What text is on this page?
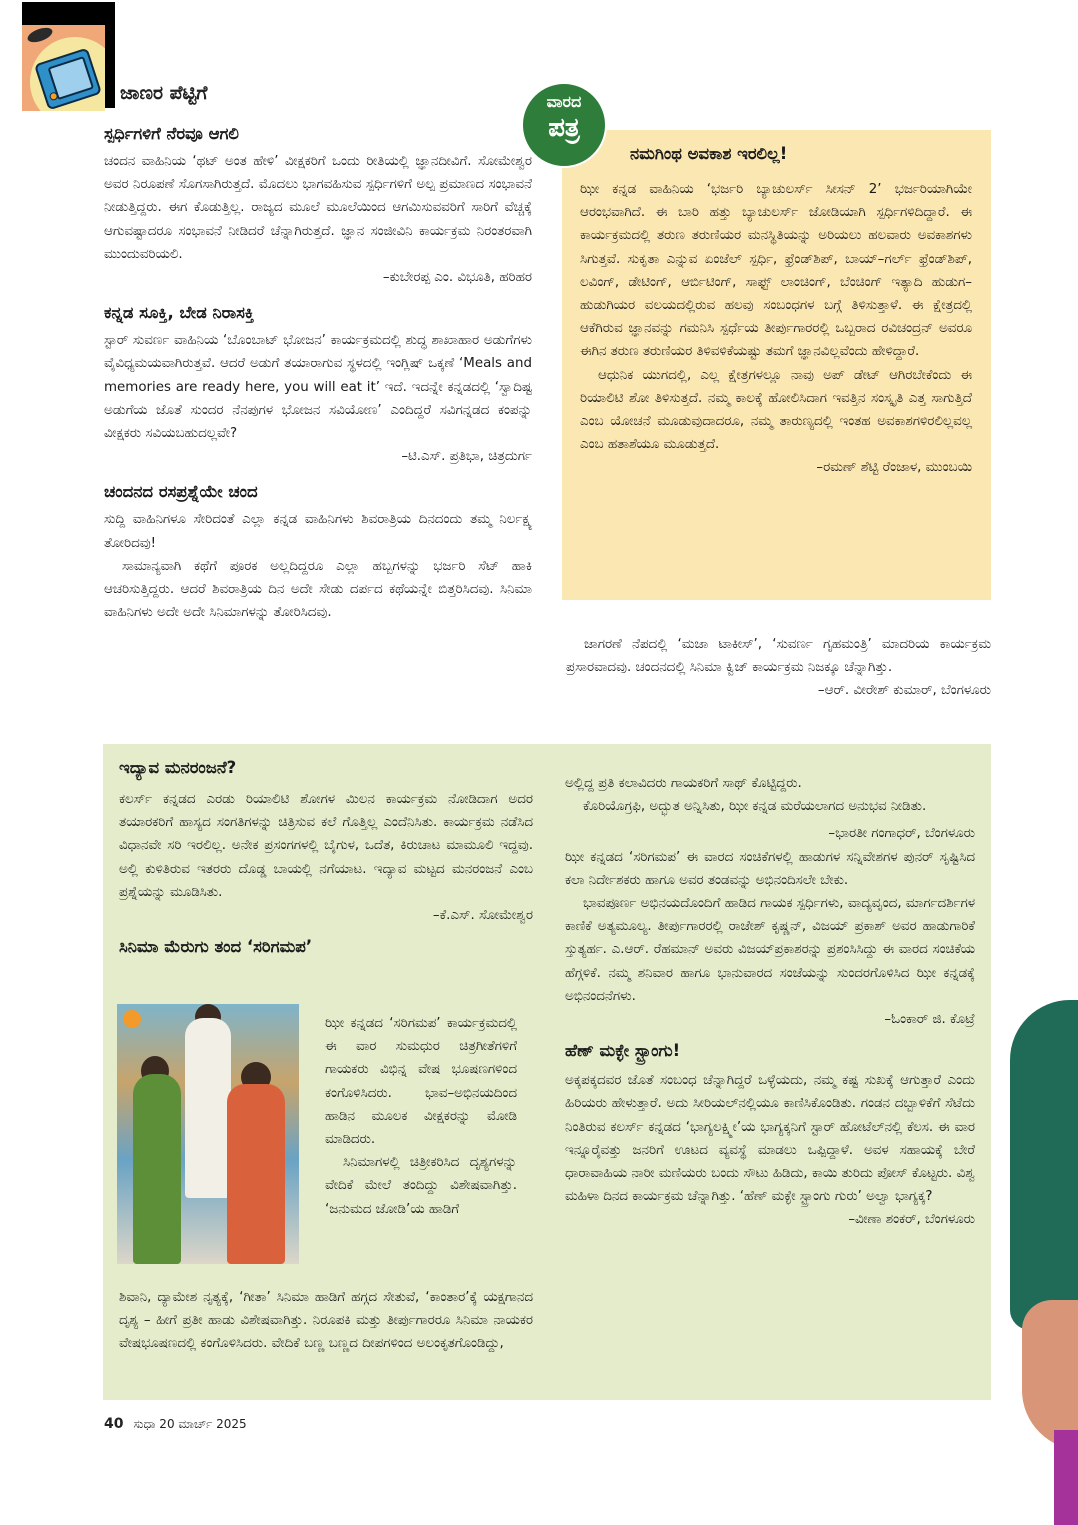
ಜಾಣರ ಪೆಟ್ಟಿಗೆ
ಸ್ಪರ್ಧಿಗಳಿಗೆ ನೆರವೂ ಆಗಲಿ

ಚಂದನ ವಾಹಿನಿಯ ‘ಥಟ್ ಅಂತ ಹೇಳಿ’ ವೀಕ್ಷಕರಿಗೆ ಒಂದು ರೀತಿಯಲ್ಲಿ ಜ್ಞಾನದೀವಿಗೆ. ಸೋಮೇಶ್ವರ ಅವರ ನಿರೂಪಣೆ ಸೊಗಸಾಗಿರುತ್ತದೆ. ಮೊದಲು ಭಾಗವಹಿಸುವ ಸ್ಪರ್ಧಿಗಳಿಗೆ ಅಲ್ಪ ಪ್ರಮಾಣದ ಸಂಭಾವನೆ ನೀಡುತ್ತಿದ್ದರು. ಈಗ ಕೊಡುತ್ತಿಲ್ಲ. ರಾಜ್ಯದ ಮೂಲೆ ಮೂಲೆಯಿಂದ ಆಗಮಿಸುವವರಿಗೆ ಸಾರಿಗೆ ವೆಚ್ಚಕ್ಕೆ ಆಗುವಷ್ಟಾದರೂ ಸಂಭಾವನೆ ನೀಡಿದರೆ ಚೆನ್ನಾಗಿರುತ್ತದೆ. ಜ್ಞಾನ ಸಂಜೀವಿನಿ ಕಾರ್ಯಕ್ರಮ ನಿರಂತರವಾಗಿ ಮುಂದುವರಿಯಲಿ.

–ಕುಬೇರಪ್ಪ ಎಂ. ವಿಭೂತಿ, ಹರಿಹರ
ಕನ್ನಡ ಸೂಕ್ತಿ, ಬೇಡ ನಿರಾಸಕ್ತಿ

ಸ್ಟಾರ್ ಸುವರ್ಣ ವಾಹಿನಿಯ ‘ಬೊಂಬಾಟ್ ಭೋಜನ’ ಕಾರ್ಯಕ್ರಮದಲ್ಲಿ ಶುದ್ಧ ಶಾಖಾಹಾರ ಅಡುಗೆಗಳು ವೈವಿಧ್ಯಮಯವಾಗಿರುತ್ತವೆ. ಆದರೆ ಅಡುಗೆ ತಯಾರಾಗುವ ಸ್ಥಳದಲ್ಲಿ ಇಂಗ್ಲಿಷ್ ಒಕ್ಕಣೆ ‘Meals and memories are ready here, you will eat it’ ಇದೆ. ಇದನ್ನೇ ಕನ್ನಡದಲ್ಲಿ ‘ಸ್ವಾದಿಷ್ಟ ಅಡುಗೆಯ ಜೊತೆ ಸುಂದರ ನೆನಪುಗಳ ಭೋಜನ ಸವಿಯೋಣ’ ಎಂದಿದ್ದರೆ ಸವಿಗನ್ನಡದ ಕಂಪನ್ನು ವೀಕ್ಷಕರು ಸವಿಯಬಹುದಲ್ಲವೇ?

–ಟಿ.ಎಸ್. ಪ್ರತಿಭಾ, ಚಿತ್ರದುರ್ಗ
ಚಂದನದ ರಸಪ್ರಶ್ನೆಯೇ ಚಂದ

ಸುದ್ದಿ ವಾಹಿನಿಗಳೂ ಸೇರಿದಂತೆ ಎಲ್ಲಾ ಕನ್ನಡ ವಾಹಿನಿಗಳು ಶಿವರಾತ್ರಿಯ ದಿನದಂದು ತಮ್ಮ ನಿರ್ಲಕ್ಷ್ಯ ತೋರಿದವು!

ಸಾಮಾನ್ಯವಾಗಿ ಕಥೆಗೆ ಪೂರಕ ಅಲ್ಲದಿದ್ದರೂ ಎಲ್ಲಾ ಹಬ್ಬಗಳನ್ನು ಭರ್ಜರಿ ಸೆಟ್ ಹಾಕಿ ಆಚರಿಸುತ್ತಿದ್ದರು. ಆದರೆ ಶಿವರಾತ್ರಿಯ ದಿನ ಅದೇ ಸೇಡು ದರ್ಪದ ಕಥೆಯನ್ನೇ ಬಿತ್ತರಿಸಿದವು. ಸಿನಿಮಾ ವಾಹಿನಿಗಳು ಅದೇ ಅದೇ ಸಿನಿಮಾಗಳನ್ನು ತೋರಿಸಿದವು.

ವಾರದ
ಪತ್ರ
ನಮಗಿಂಥ ಅವಕಾಶ ಇರಲಿಲ್ಲ!

ಝೀ ಕನ್ನಡ ವಾಹಿನಿಯ ‘ಭರ್ಜರಿ ಬ್ಯಾಚುಲರ್ಸ್ ಸೀಸನ್ 2’ ಭರ್ಜರಿಯಾಗಿಯೇ ಆರಂಭವಾಗಿದೆ. ಈ ಬಾರಿ ಹತ್ತು ಬ್ಯಾಚುಲರ್ಸ್ ಜೋಡಿಯಾಗಿ ಸ್ಪರ್ಧಿಗಳಿದಿದ್ದಾರೆ. ಈ ಕಾರ್ಯಕ್ರಮದಲ್ಲಿ ತರುಣ ತರುಣಿಯರ ಮನಸ್ಥಿತಿಯನ್ನು ಅರಿಯಲು ಹಲವಾರು ಅವಕಾಶಗಳು ಸಿಗುತ್ತವೆ. ಸುಕೃತಾ ಎನ್ನುವ ಏಂಜೆಲ್ ಸ್ಪರ್ಧಿ, ಫ್ರೆಂಡ್‌ಶಿಪ್, ಬಾಯ್–ಗರ್ಲ್ ಫ್ರೆಂಡ್‌ಶಿಪ್, ಲವಿಂಗ್, ಡೇಟಿಂಗ್, ಆರ್ಬಿಟಿಂಗ್, ಸಾಫ್ಟ್ ಲಾಂಚಿಂಗ್, ಬೆಂಚಿಂಗ್ ಇತ್ಯಾದಿ ಹುಡುಗ–ಹುಡುಗಿಯರ ವಲಯದಲ್ಲಿರುವ ಹಲವು ಸಂಬಂಧಗಳ ಬಗ್ಗೆ ತಿಳಿಸುತ್ತಾಳೆ. ಈ ಕ್ಷೇತ್ರದಲ್ಲಿ ಆಕೆಗಿರುವ ಜ್ಞಾನವನ್ನು ಗಮನಿಸಿ ಸ್ಪರ್ಧೆಯ ತೀರ್ಪುಗಾರರಲ್ಲಿ ಒಬ್ಬರಾದ ರವಿಚಂದ್ರನ್ ಅವರೂ ಈಗಿನ ತರುಣ ತರುಣಿಯರ ತಿಳಿವಳಿಕೆಯಷ್ಟು ತಮಗೆ ಜ್ಞಾನವಿಲ್ಲವೆಂದು ಹೇಳಿದ್ದಾರೆ.

ಆಧುನಿಕ ಯುಗದಲ್ಲಿ, ಎಲ್ಲ ಕ್ಷೇತ್ರಗಳಲ್ಲೂ ನಾವು ಅಪ್ ಡೇಟ್ ಆಗಿರಬೇಕೆಂದು ಈ ರಿಯಾಲಿಟಿ ಶೋ ತಿಳಿಸುತ್ತದೆ. ನಮ್ಮ ಕಾಲಕ್ಕೆ ಹೋಲಿಸಿದಾಗ ಇವತ್ತಿನ ಸಂಸ್ಕೃತಿ ಎತ್ತ ಸಾಗುತ್ತಿದೆ ಎಂಬ ಯೋಚನೆ ಮೂಡುವುದಾದರೂ, ನಮ್ಮ ತಾರುಣ್ಯದಲ್ಲಿ ಇಂತಹ ಅವಕಾಶಗಳಿರಲಿಲ್ಲವಲ್ಲ ಎಂಬ ಹತಾಶೆಯೂ ಮೂಡುತ್ತದೆ.

–ರಮಣ್ ಶೆಟ್ಟಿ ರೆಂಜಾಳ, ಮುಂಬಯಿ

ಜಾಗರಣೆ ನೆಪದಲ್ಲಿ ‘ಮಜಾ ಟಾಕೀಸ್’, ‘ಸುವರ್ಣ ಗೃಹಮಂತ್ರಿ’ ಮಾದರಿಯ ಕಾರ್ಯಕ್ರಮ ಪ್ರಸಾರವಾದವು. ಚಂದನದಲ್ಲಿ ಸಿನಿಮಾ ಕ್ವಿಜ್ ಕಾರ್ಯಕ್ರಮ ನಿಜಕ್ಕೂ ಚೆನ್ನಾಗಿತ್ತು.

–ಆರ್. ವೀರೇಶ್ ಕುಮಾರ್, ಬೆಂಗಳೂರು
ಇದ್ಯಾವ ಮನರಂಜನೆ?

ಕಲರ್ಸ್ ಕನ್ನಡದ ಎರಡು ರಿಯಾಲಿಟಿ ಶೋಗಳ ಮಿಲನ ಕಾರ್ಯಕ್ರಮ ನೋಡಿದಾಗ ಅದರ ತಯಾರಕರಿಗೆ ಹಾಸ್ಯದ ಸಂಗತಿಗಳನ್ನು ಚಿತ್ರಿಸುವ ಕಲೆ ಗೊತ್ತಿಲ್ಲ ಎಂದೆನಿಸಿತು. ಕಾರ್ಯಕ್ರಮ ನಡೆಸಿದ ವಿಧಾನವೇ ಸರಿ ಇರಲಿಲ್ಲ. ಅನೇಕ ಪ್ರಸಂಗಗಳಲ್ಲಿ ಬೈಗುಳ, ಒದೆತ, ಕಿರುಚಾಟ ಮಾಮೂಲಿ ಇದ್ದವು. ಅಲ್ಲಿ ಕುಳಿತಿರುವ ಇತರರು ದೊಡ್ಡ ಬಾಯಲ್ಲಿ ನಗೆಯಾಟ. ಇದ್ಯಾವ ಮಟ್ಟದ ಮನರಂಜನೆ ಎಂಬ ಪ್ರಶ್ನೆಯನ್ನು ಮೂಡಿಸಿತು.

–ಕೆ.ಎಸ್. ಸೋಮೇಶ್ವರ
ಸಿನಿಮಾ ಮೆರುಗು ತಂದ ‘ಸರಿಗಮಪ’

ಝೀ ಕನ್ನಡದ ‘ಸರಿಗಮಪ’ ಕಾರ್ಯಕ್ರಮದಲ್ಲಿ ಈ ವಾರ ಸುಮಧುರ ಚಿತ್ರಗೀತೆಗಳಿಗೆ ಗಾಯಕರು ವಿಭಿನ್ನ ವೇಷ ಭೂಷಣಗಳಿಂದ ಕಂಗೊಳಿಸಿದರು. ಭಾವ–ಅಭಿನಯದಿಂದ ಹಾಡಿನ ಮೂಲಕ ವೀಕ್ಷಕರನ್ನು ಮೋಡಿ ಮಾಡಿದರು.

ಸಿನಿಮಾಗಳಲ್ಲಿ ಚಿತ್ರೀಕರಿಸಿದ ದೃಶ್ಯಗಳನ್ನು ವೇದಿಕೆ ಮೇಲೆ ತಂದಿದ್ದು ವಿಶೇಷವಾಗಿತ್ತು. ‘ಜನುಮದ ಜೋಡಿ’ಯ ಹಾಡಿಗೆ

ಶಿವಾನಿ, ದ್ಯಾಮೇಶ ನೃತ್ಯಕ್ಕೆ, ‘ಗೀತಾ’ ಸಿನಿಮಾ ಹಾಡಿಗೆ ಹಗ್ಗದ ಸೇತುವೆ, ‘ಕಾಂತಾರ’ಕ್ಕೆ ಯಕ್ಷಗಾನದ ದೃಶ್ಯ – ಹೀಗೆ ಪ್ರತೀ ಹಾಡು ವಿಶೇಷವಾಗಿತ್ತು. ನಿರೂಪಕಿ ಮತ್ತು ತೀರ್ಪುಗಾರರೂ ಸಿನಿಮಾ ನಾಯಕರ ವೇಷಭೂಷಣದಲ್ಲಿ ಕಂಗೊಳಿಸಿದರು. ವೇದಿಕೆ ಬಣ್ಣ ಬಣ್ಣದ ದೀಪಗಳಿಂದ ಅಲಂಕೃತಗೊಂಡಿದ್ದು,

ಅಲ್ಲಿದ್ದ ಪ್ರತಿ ಕಲಾವಿದರು ಗಾಯಕರಿಗೆ ಸಾಥ್ ಕೊಟ್ಟಿದ್ದರು.

ಕೊರಿಯೊಗ್ರಫಿ, ಅದ್ಭುತ ಅನ್ನಿಸಿತು, ಝೀ ಕನ್ನಡ ಮರೆಯಲಾಗದ ಅನುಭವ ನೀಡಿತು.

–ಭಾರತೀ ಗಂಗಾಧರ್, ಬೆಂಗಳೂರು

ಝೀ ಕನ್ನಡದ ‘ಸರಿಗಮಪ’ ಈ ವಾರದ ಸಂಚಿಕೆಗಳಲ್ಲಿ ಹಾಡುಗಳ ಸನ್ನಿವೇಶಗಳ ಪುನರ್ ಸೃಷ್ಟಿಸಿದ ಕಲಾ ನಿರ್ದೇಶಕರು ಹಾಗೂ ಅವರ ತಂಡವನ್ನು ಅಭಿನಂದಿಸಲೇ ಬೇಕು.

ಭಾವಪೂರ್ಣ ಅಭಿನಯದೊಂದಿಗೆ ಹಾಡಿದ ಗಾಯಕ ಸ್ಪರ್ಧಿಗಳು, ವಾದ್ಯವೃಂದ, ಮಾರ್ಗದರ್ಶಿಗಳ ಕಾಣಿಕೆ ಅತ್ಯಮೂಲ್ಯ. ತೀರ್ಪುಗಾರರಲ್ಲಿ ರಾಜೇಶ್ ಕೃಷ್ಣನ್, ವಿಜಯ್ ಪ್ರಕಾಶ್ ಅವರ ಹಾಡುಗಾರಿಕೆ ಸ್ತುತ್ಯರ್ಹ. ಎ.ಆರ್. ರೆಹಮಾನ್ ಅವರು ವಿಜಯ್‌ಪ್ರಕಾಶರನ್ನು ಪ್ರಶಂಸಿಸಿದ್ದು ಈ ವಾರದ ಸಂಚಿಕೆಯ ಹೆಗ್ಗಳಿಕೆ. ನಮ್ಮ ಶನಿವಾರ ಹಾಗೂ ಭಾನುವಾರದ ಸಂಜೆಯನ್ನು ಸುಂದರಗೊಳಿಸಿದ ಝೀ ಕನ್ನಡಕ್ಕೆ ಅಭಿನಂದನೆಗಳು.

–ಓಂಕಾರ್ ಜಿ. ಕೊಟ್ರೆ
ಹೆಣ್ ಮಕ್ಳೇ ಸ್ಟ್ರಾಂಗು!

ಅಕ್ಕಪಕ್ಕದವರ ಜೊತೆ ಸಂಬಂಧ ಚೆನ್ನಾಗಿದ್ದರೆ ಒಳ್ಳೆಯದು, ನಮ್ಮ ಕಷ್ಟ ಸುಖಕ್ಕೆ ಆಗುತ್ತಾರೆ ಎಂದು ಹಿರಿಯರು ಹೇಳುತ್ತಾರೆ. ಅದು ಸೀರಿಯಲ್‌ನಲ್ಲಿಯೂ ಕಾಣಿಸಿಕೊಂಡಿತು. ಗಂಡನ ದಬ್ಬಾಳಿಕೆಗೆ ಸೆಟೆದು ನಿಂತಿರುವ ಕಲರ್ಸ್ ಕನ್ನಡದ ‘ಭಾಗ್ಯಲಕ್ಷ್ಮೀ’ಯ ಭಾಗ್ಯಕ್ಕನಿಗೆ ಸ್ಟಾರ್ ಹೋಟೆಲ್‌ನಲ್ಲಿ ಕೆಲಸ. ಈ ವಾರ ಇನ್ನೂರೈವತ್ತು ಜನರಿಗೆ ಊಟದ ವ್ಯವಸ್ಥೆ ಮಾಡಲು ಒಪ್ಪಿದ್ದಾಳೆ. ಅವಳ ಸಹಾಯಕ್ಕೆ ಬೇರೆ ಧಾರಾವಾಹಿಯ ನಾರೀ ಮಣಿಯರು ಬಂದು ಸೌಟು ಹಿಡಿದು, ಕಾಯಿ ತುರಿದು ಪೋಸ್ ಕೊಟ್ಟರು. ವಿಶ್ವ ಮಹಿಳಾ ದಿನದ ಕಾರ್ಯಕ್ರಮ ಚೆನ್ನಾಗಿತ್ತು. ‘ಹೆಣ್ ಮಕ್ಳೇ ಸ್ಟ್ರಾಂಗು ಗುರು’ ಅಲ್ವಾ ಭಾಗ್ಯಕ್ಕ?

–ವೀಣಾ ಶಂಕರ್, ಬೆಂಗಳೂರು
40 ಸುಧಾ 20 ಮಾರ್ಚ್ 2025
